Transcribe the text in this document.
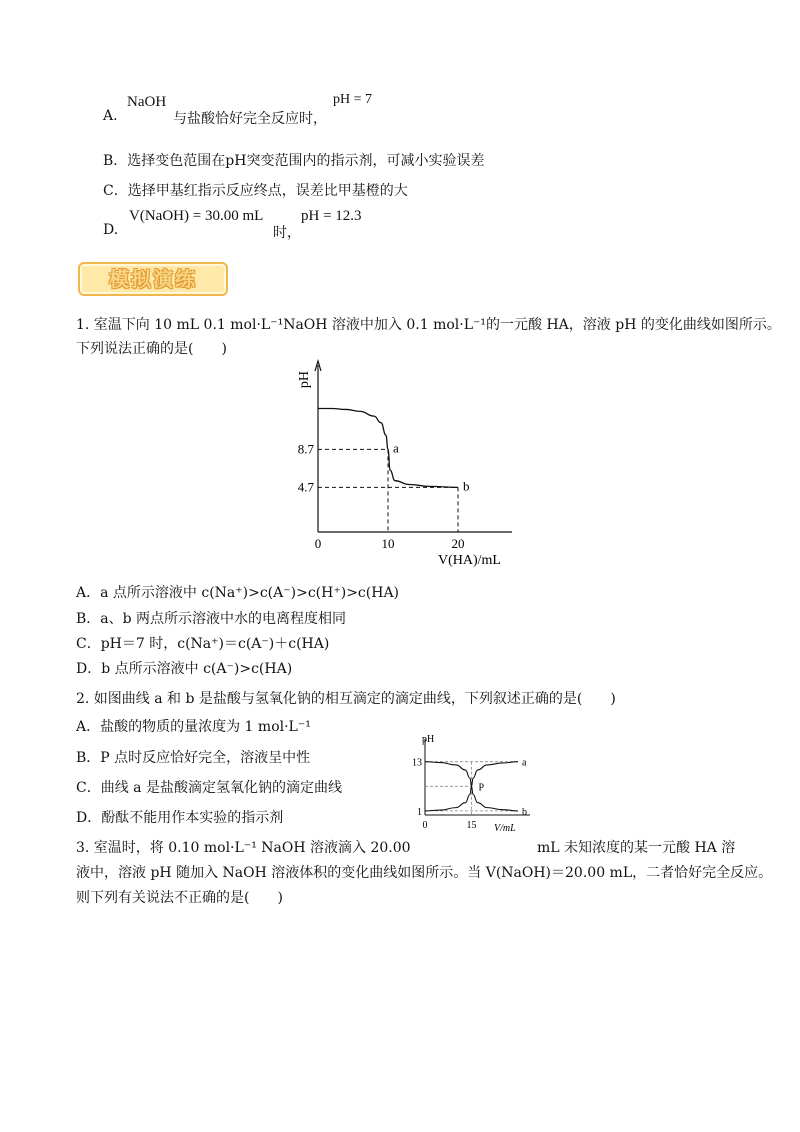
A.
NaOH
与盐酸恰好完全反应时，
pH = 7
B．选择变色范围在pH突变范围内的指示剂，可减小实验误差
C．选择甲基红指示反应终点，误差比甲基橙的大
D.
V(NaOH) = 30.00 mL
时，
pH = 12.3
模拟演练
1. 室温下向 10 mL 0.1 mol·L⁻¹NaOH 溶液中加入 0.1 mol·L⁻¹的一元酸 HA，溶液 pH 的变化曲线如图所示。
下列说法正确的是(　　)
pH
V(HA)/mL
0	10	20
a
8.7
b
4.7
A．a 点所示溶液中 c(Na⁺)>c(A⁻)>c(H⁺)>c(HA)
B．a、b 两点所示溶液中水的电离程度相同
C．pH＝7 时，c(Na⁺)＝c(A⁻)＋c(HA)
D．b 点所示溶液中 c(A⁻)>c(HA)
2. 如图曲线 a 和 b 是盐酸与氢氧化钠的相互滴定的滴定曲线，下列叙述正确的是(　　)
A．盐酸的物质的量浓度为 1 mol·L⁻¹
B．P 点时反应恰好完全，溶液呈中性
C．曲线 a 是盐酸滴定氢氧化钠的滴定曲线
D．酚酞不能用作本实验的指示剂
pH
V/mL
0	15
13
1
a
b
P
3. 室温时，将 0.10 mol·L⁻¹ NaOH 溶液滴入 20.00	mL 未知浓度的某一元酸 HA 溶
液中，溶液 pH 随加入 NaOH 溶液体积的变化曲线如图所示。当 V(NaOH)＝20.00 mL，二者恰好完全反应。
则下列有关说法不正确的是(　　)
